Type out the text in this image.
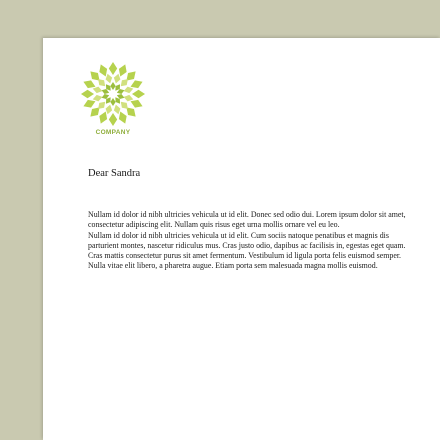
COMPANY
Dear Sandra

Nullam id dolor id nibh ultricies vehicula ut id elit. Donec sed odio dui. Lorem ipsum dolor sit amet, consectetur adipiscing elit. Nullam quis risus eget urna mollis ornare vel eu leo.

Nullam id dolor id nibh ultricies vehicula ut id elit. Cum sociis natoque penatibus et magnis dis parturient montes, nascetur ridiculus mus. Cras justo odio, dapibus ac facilisis in, egestas eget quam. Cras mattis consectetur purus sit amet fermentum. Vestibulum id ligula porta felis euismod semper. Nulla vitae elit libero, a pharetra augue. Etiam porta sem malesuada magna mollis euismod.
